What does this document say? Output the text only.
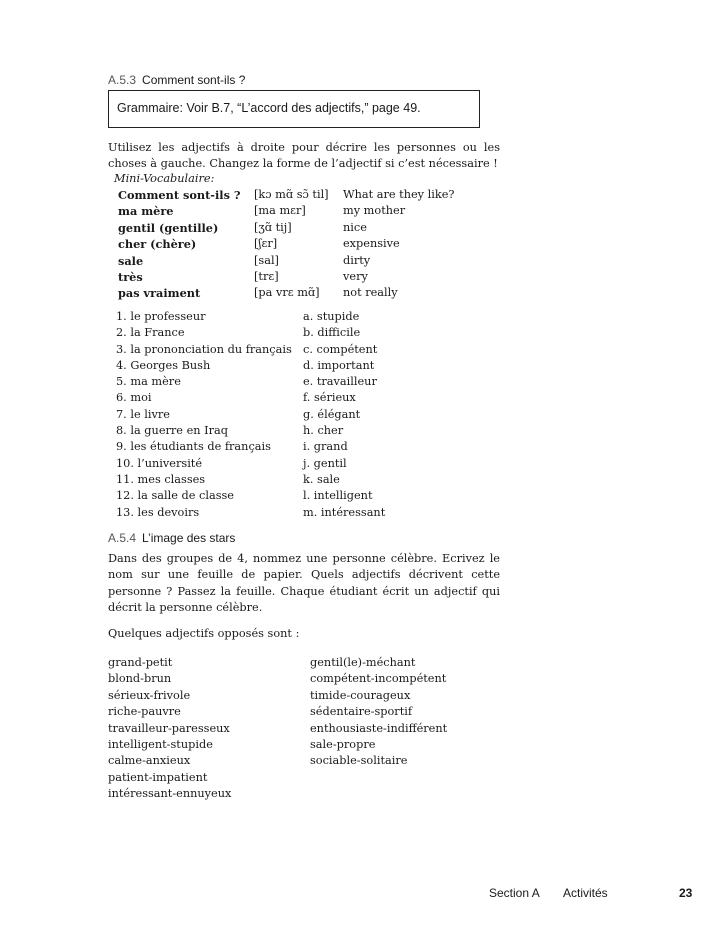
A.5.3 Comment sont-ils ?
Grammaire: Voir B.7, “L’accord des adjectifs,” page 49.
Utilisez les adjectifs à droite pour décrire les personnes ou les choses à gauche. Changez la forme de l’adjectif si c’est nécessaire !
Mini-Vocabulaire:
Comment sont-ils ? [kɔ mɑ̃ sɔ̃ til] What are they like?
ma mère	[ma mɛr]	my mother
gentil (gentille)	[ʒɑ̃ tij]	nice
cher (chère)	[ʃɛr]	expensive
sale	[sal]	dirty
très	[trɛ]	very
pas vraiment	[pa vrɛ mɑ̃] not really
1. le professeur	a. stupide
2. la France	b. difficile
3. la prononciation du français c. compétent
4. Georges Bush	d. important
5. ma mère	e. travailleur
6. moi	f. sérieux
7. le livre	g. élégant
8. la guerre en Iraq	h. cher
9. les étudiants de français	i. grand
10. l’université	j. gentil
11. mes classes	k. sale
12. la salle de classe	l. intelligent
13. les devoirs	m. intéressant
A.5.4 L’image des stars
Dans des groupes de 4, nommez une personne célèbre. Ecrivez le nom sur une feuille de papier. Quels adjectifs décrivent cette personne ? Passez la feuille. Chaque étudiant écrit un adjectif qui décrit la personne célèbre.
Quelques adjectifs opposés sont :
grand-petit	gentil(le)-méchant
blond-brun	compétent-incompétent
sérieux-frivole	timide-courageux
riche-pauvre	sédentaire-sportif
travailleur-paresseux	enthousiaste-indifférent
intelligent-stupide	sale-propre
calme-anxieux	sociable-solitaire
patient-impatient
intéressant-ennuyeux
Section A Activités	23
